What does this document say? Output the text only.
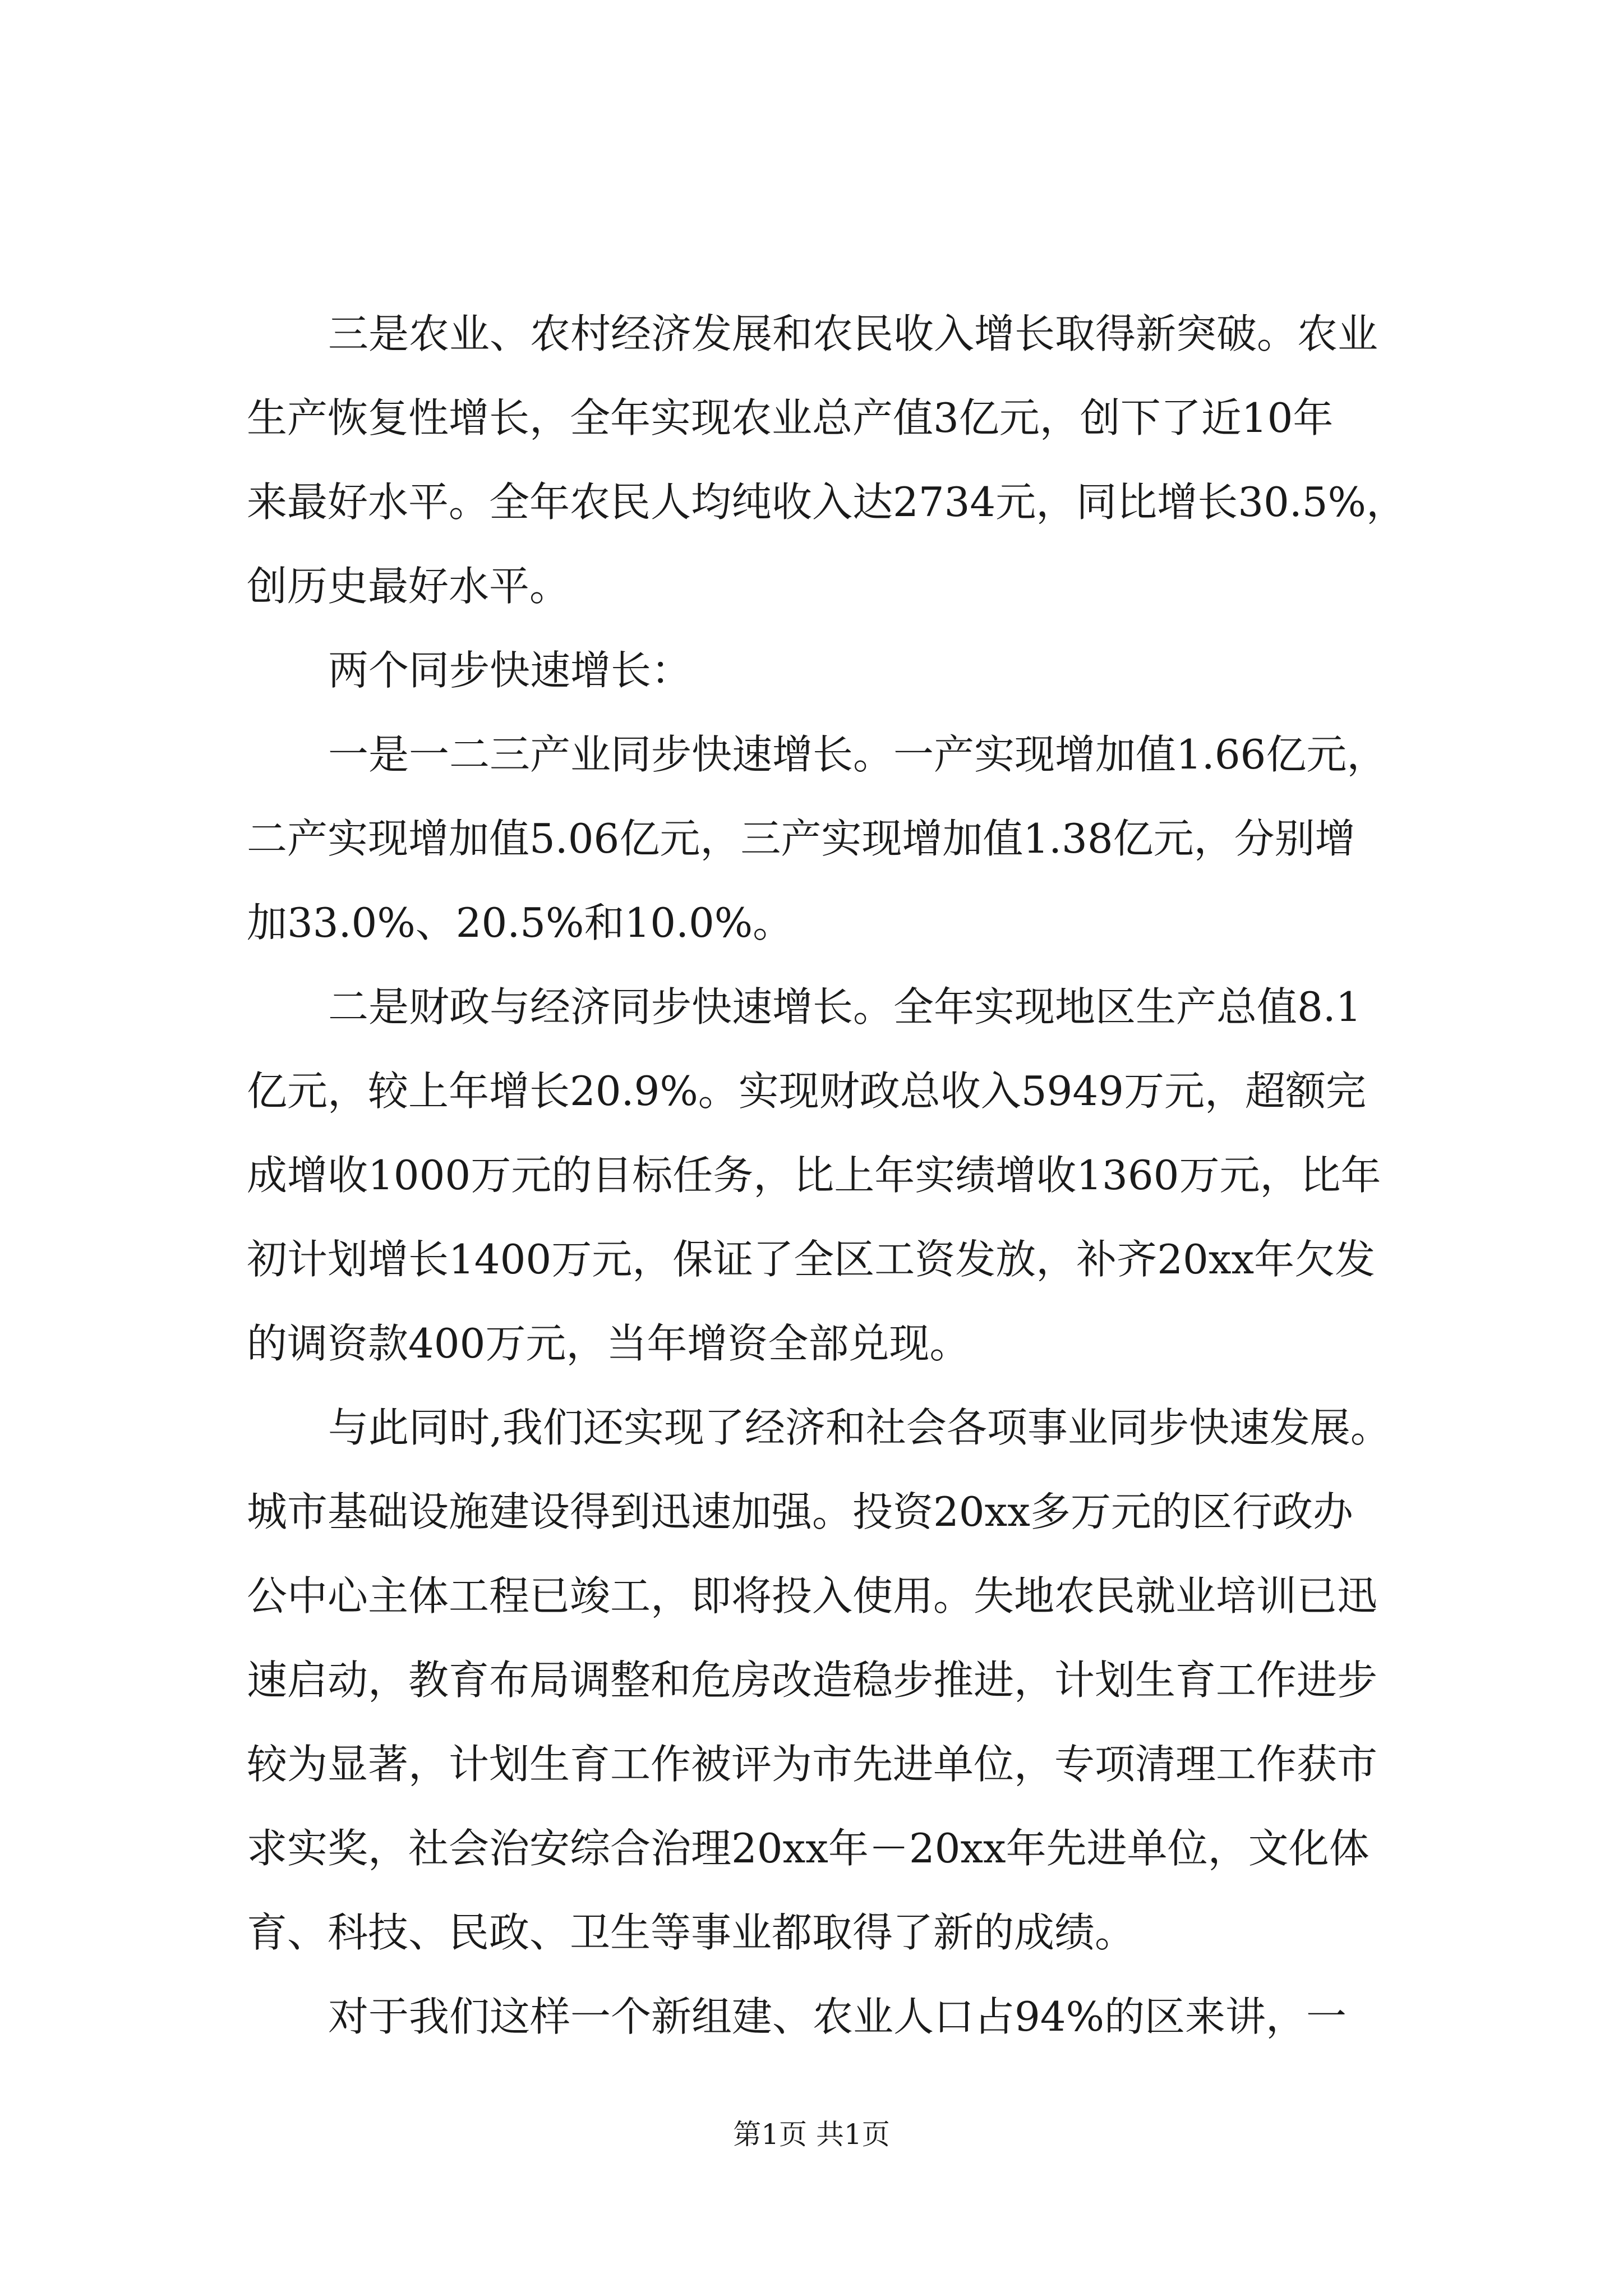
三是农业、农村经济发展和农民收入增长取得新突破。农业
生产恢复性增长，全年实现农业总产值3亿元，创下了近10年
来最好水平。全年农民人均纯收入达2734元，同比增长30.5%，
创历史最好水平。
两个同步快速增长：
一是一二三产业同步快速增长。一产实现增加值1.66亿元，
二产实现增加值5.06亿元，三产实现增加值1.38亿元，分别增
加33.0%、20.5%和10.0%。
二是财政与经济同步快速增长。全年实现地区生产总值8.1
亿元，较上年增长20.9%。实现财政总收入5949万元，超额完
成增收1000万元的目标任务，比上年实绩增收1360万元，比年
初计划增长1400万元，保证了全区工资发放，补齐20xx年欠发
的调资款400万元，当年增资全部兑现。
与此同时,我们还实现了经济和社会各项事业同步快速发展。
城市基础设施建设得到迅速加强。投资20xx多万元的区行政办
公中心主体工程已竣工，即将投入使用。失地农民就业培训已迅
速启动，教育布局调整和危房改造稳步推进，计划生育工作进步
较为显著，计划生育工作被评为市先进单位，专项清理工作获市
求实奖，社会治安综合治理20xx年－20xx年先进单位，文化体
育、科技、民政、卫生等事业都取得了新的成绩。
对于我们这样一个新组建、农业人口占94%的区来讲，一
第1页 共1页
